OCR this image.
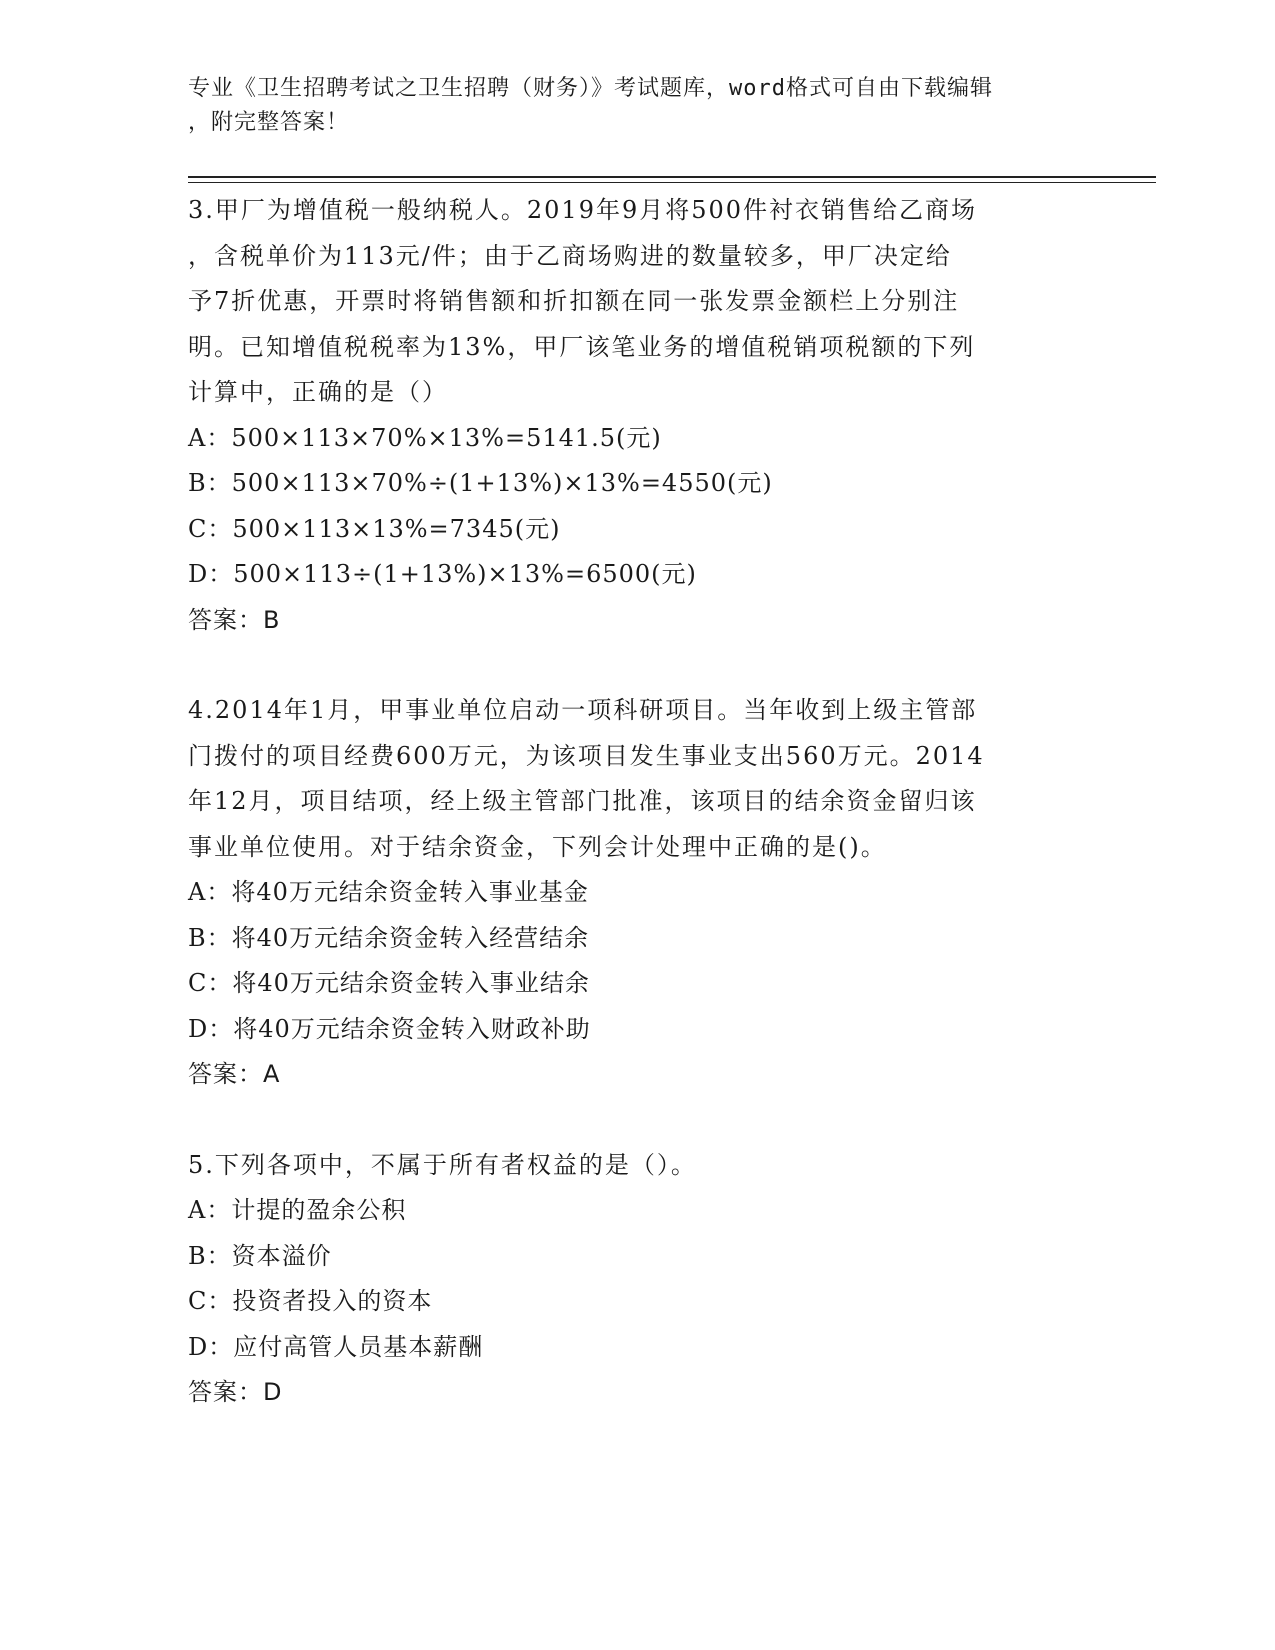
专业《卫生招聘考试之卫生招聘（财务）》考试题库，word格式可自由下载编辑
，附完整答案！
3.甲厂为增值税一般纳税人。2019年9月将500件衬衣销售给乙商场
，含税单价为113元/件；由于乙商场购进的数量较多，甲厂决定给
予7折优惠，开票时将销售额和折扣额在同一张发票金额栏上分别注
明。已知增值税税率为13%，甲厂该笔业务的增值税销项税额的下列
计算中，正确的是（）
A：500×113×70%×13%=5141.5(元)
B：500×113×70%÷(1+13%)×13%=4550(元)
C：500×113×13%=7345(元)
D：500×113÷(1+13%)×13%=6500(元)
答案：B
4.2014年1月，甲事业单位启动一项科研项目。当年收到上级主管部
门拨付的项目经费600万元，为该项目发生事业支出560万元。2014
年12月，项目结项，经上级主管部门批准，该项目的结余资金留归该
事业单位使用。对于结余资金，下列会计处理中正确的是()。
A：将40万元结余资金转入事业基金
B：将40万元结余资金转入经营结余
C：将40万元结余资金转入事业结余
D：将40万元结余资金转入财政补助
答案：A
5.下列各项中，不属于所有者权益的是（）。
A：计提的盈余公积
B：资本溢价
C：投资者投入的资本
D：应付高管人员基本薪酬
答案：D
